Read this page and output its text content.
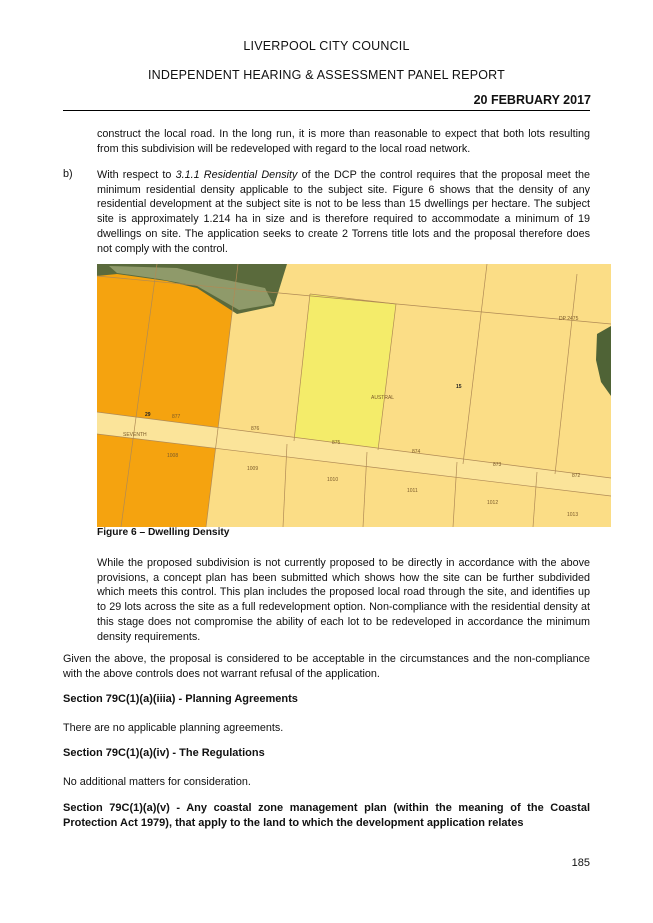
LIVERPOOL CITY COUNCIL
INDEPENDENT HEARING & ASSESSMENT PANEL REPORT
20 FEBRUARY 2017
construct the local road. In the long run, it is more than reasonable to expect that both lots resulting from this subdivision will be redeveloped with regard to the local road network.
b) With respect to 3.1.1 Residential Density of the DCP the control requires that the proposal meet the minimum residential density applicable to the subject site. Figure 6 shows that the density of any residential development at the subject site is not to be less than 15 dwellings per hectare. The subject site is approximately 1.214 ha in size and is therefore required to accommodate a minimum of 19 dwellings on site. The application seeks to create 2 Torrens title lots and the proposal therefore does not comply with the control.
DP 2475
AUSTRAL
15
SEVENTH
29	877
876
875
874
873
872
1008
1009
1010
1011
1012
1013
Figure 6 – Dwelling Density
While the proposed subdivision is not currently proposed to be directly in accordance with the above provisions, a concept plan has been submitted which shows how the site can be further subdivided which meets this control. This plan includes the proposed local road through the site, and identifies up to 29 lots across the site as a full redevelopment option. Non-compliance with the residential density at this stage does not compromise the ability of each lot to be redeveloped in accordance the minimum density requirements.
Given the above, the proposal is considered to be acceptable in the circumstances and the non-compliance with the above controls does not warrant refusal of the application.
Section 79C(1)(a)(iiia) - Planning Agreements
There are no applicable planning agreements.
Section 79C(1)(a)(iv) - The Regulations
No additional matters for consideration.
Section 79C(1)(a)(v) - Any coastal zone management plan (within the meaning of the Coastal Protection Act 1979), that apply to the land to which the development application relates
185
